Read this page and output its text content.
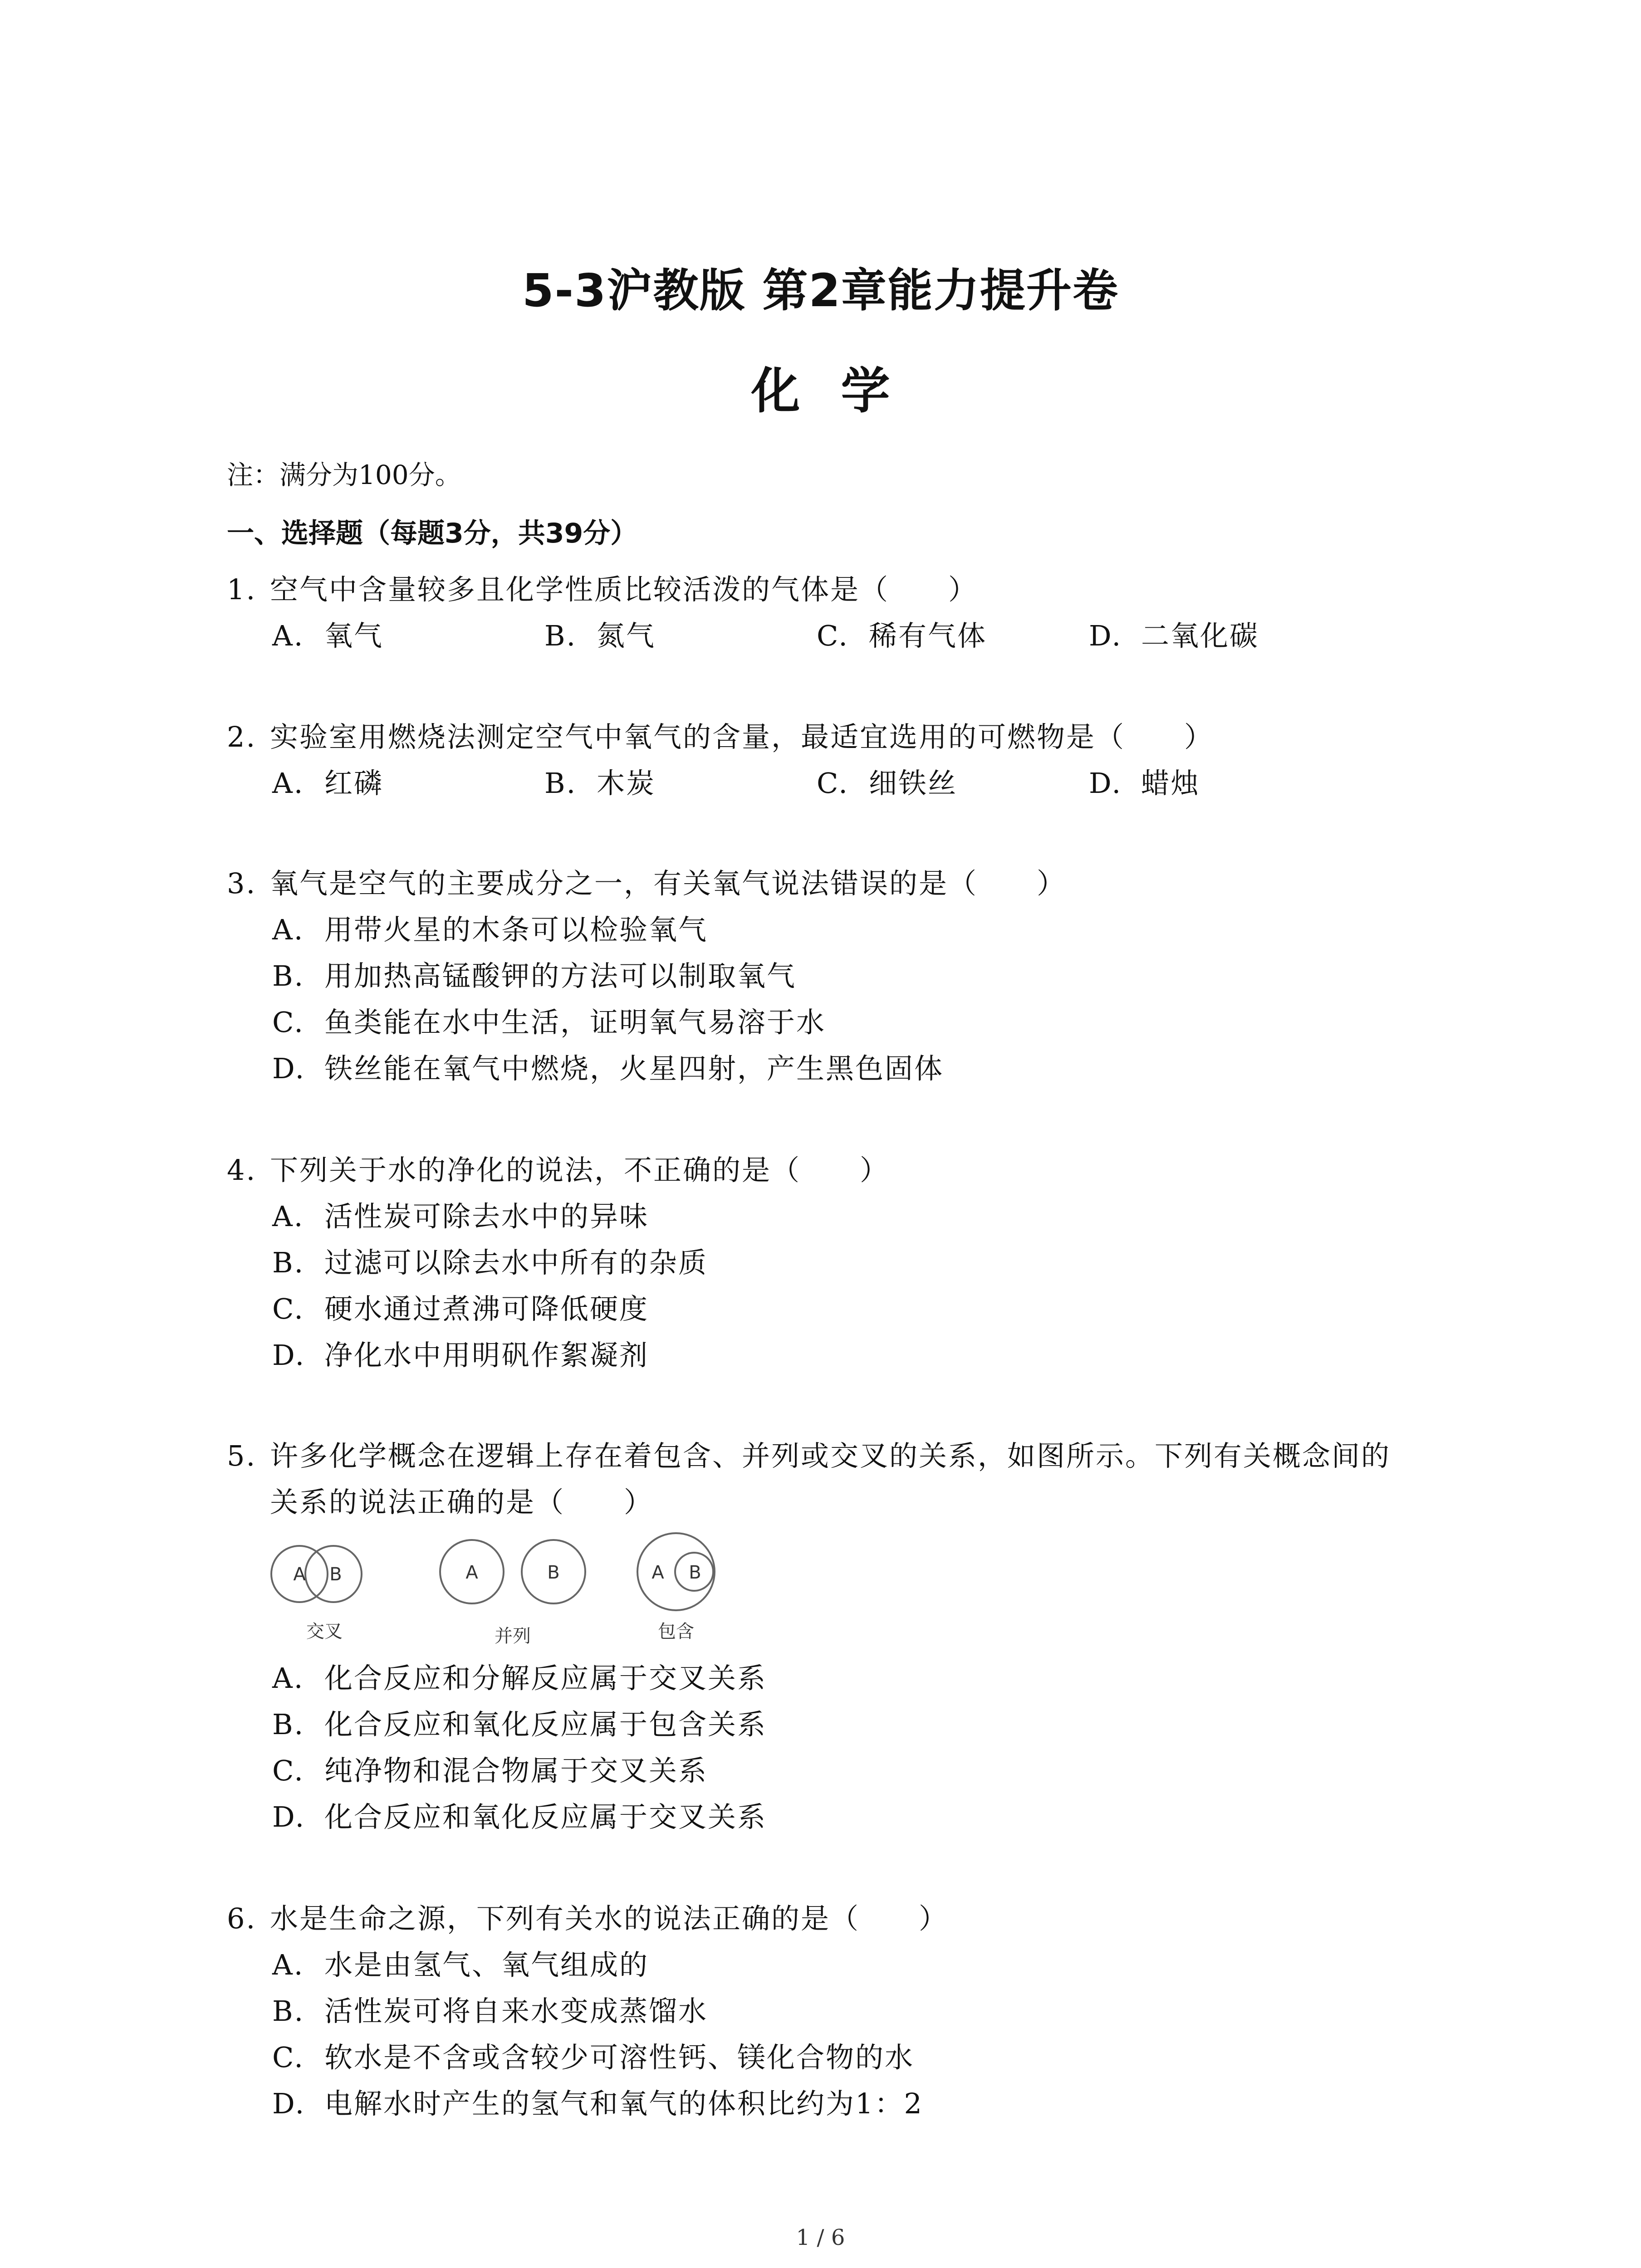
5-3沪教版 第2章能力提升卷
化学
注：满分为100分。
一、选择题（每题3分，共39分）
1. 空气中含量较多且化学性质比较活泼的气体是（　　）
A. 氧气	B. 氮气	C. 稀有气体	D. 二氧化碳
2. 实验室用燃烧法测定空气中氧气的含量，最适宜选用的可燃物是（　　）
A. 红磷	B. 木炭	C. 细铁丝	D. 蜡烛
3. 氧气是空气的主要成分之一，有关氧气说法错误的是（　　）
A. 用带火星的木条可以检验氧气
B. 用加热高锰酸钾的方法可以制取氧气
C. 鱼类能在水中生活，证明氧气易溶于水
D. 铁丝能在氧气中燃烧，火星四射，产生黑色固体
4. 下列关于水的净化的说法，不正确的是（　　）
A. 活性炭可除去水中的异味
B. 过滤可以除去水中所有的杂质
C. 硬水通过煮沸可降低硬度
D. 净化水中用明矾作絮凝剂
5. 许多化学概念在逻辑上存在着包含、并列或交叉的关系，如图所示。下列有关概念间的
关系的说法正确的是（　　）
A B
交叉
A	B
并列
A B
包含
A. 化合反应和分解反应属于交叉关系
B. 化合反应和氧化反应属于包含关系
C. 纯净物和混合物属于交叉关系
D. 化合反应和氧化反应属于交叉关系
6. 水是生命之源，下列有关水的说法正确的是（　　）
A. 水是由氢气、氧气组成的
B. 活性炭可将自来水变成蒸馏水
C. 软水是不含或含较少可溶性钙、镁化合物的水
D. 电解水时产生的氢气和氧气的体积比约为1：2
1 / 6
